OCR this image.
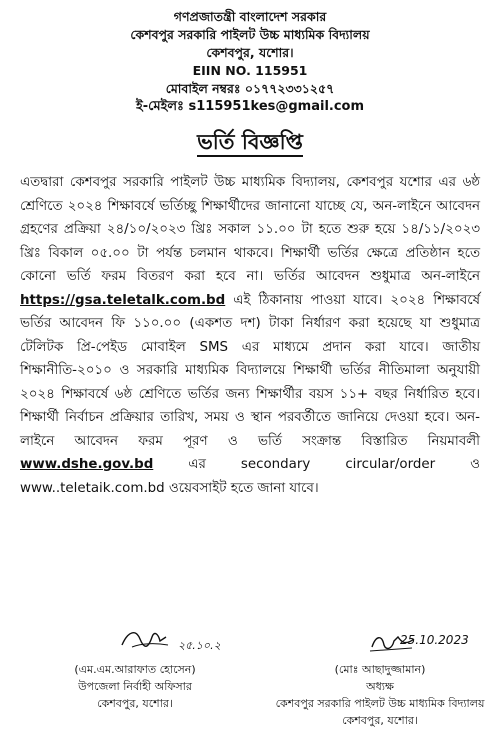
গণপ্রজাতন্ত্রী বাংলাদেশ সরকার
কেশবপুর সরকারি পাইলট উচ্চ মাধ্যমিক বিদ্যালয়
কেশবপুর, যশোর।
EIIN NO. 115951
মোবাইল নম্বরঃ ০১৭৭২৩৩১২৫৭
ই-মেইলঃ s115951kes@gmail.com
ভর্তি বিজ্ঞপ্তি
এতদ্বারা কেশবপুর সরকারি পাইলট উচ্চ মাধ্যমিক বিদ্যালয়, কেশবপুর যশোর এর ৬ষ্ঠ শ্রেণিতে ২০২৪ শিক্ষাবর্ষে ভর্তিচ্ছু শিক্ষার্থীদের জানানো যাচ্ছে যে, অন-লাইনে আবেদন গ্রহণের প্রক্রিয়া ২৪/১০/২০২৩ খ্রিঃ সকাল ১১.০০ টা হতে শুরু হয়ে ১৪/১১/২০২৩ খ্রিঃ বিকাল ০৫.০০ টা পর্যন্ত চলমান থাকবে। শিক্ষার্থী ভর্তির ক্ষেত্রে প্রতিষ্ঠান হতে কোনো ভর্তি ফরম বিতরণ করা হবে না। ভর্তির আবেদন শুধুমাত্র অন-লাইনে https://gsa.teletalk.com.bd এই ঠিকানায় পাওয়া যাবে। ২০২৪ শিক্ষাবর্ষে ভর্তির আবেদন ফি ১১০.০০ (একশত দশ) টাকা নির্ধারণ করা হয়েছে যা শুধুমাত্র টেলিটক প্রি-পেইড মোবাইল SMS এর মাধ্যমে প্রদান করা যাবে। জাতীয় শিক্ষানীতি-২০১০ ও সরকারি মাধ্যমিক বিদ্যালয়ে শিক্ষার্থী ভর্তির নীতিমালা অনুযায়ী ২০২৪ শিক্ষাবর্ষে ৬ষ্ঠ শ্রেণিতে ভর্তির জন্য শিক্ষার্থীর বয়স ১১+ বছর নির্ধারিত হবে। শিক্ষার্থী নির্বাচন প্রক্রিয়ার তারিখ, সময় ও স্থান পরবর্তীতে জানিয়ে দেওয়া হবে। অন-লাইনে আবেদন ফরম পূরণ ও ভর্তি সংক্রান্ত বিস্তারিত নিয়মাবলী www.dshe.gov.bd এর secondary circular/order ও www..teletaik.com.bd ওয়েবসাইট হতে জানা যাবে।
২৫.১০.২
(এম.এম.আরাফাত হোসেন)
উপজেলা নির্বাহী অফিসার
কেশবপুর, যশোর।
25.10.2023
(মোঃ আছাদুজ্জামান)
অধ্যক্ষ
কেশবপুর সরকারি পাইলট উচ্চ মাধ্যমিক বিদ্যালয়
কেশবপুর, যশোর।
